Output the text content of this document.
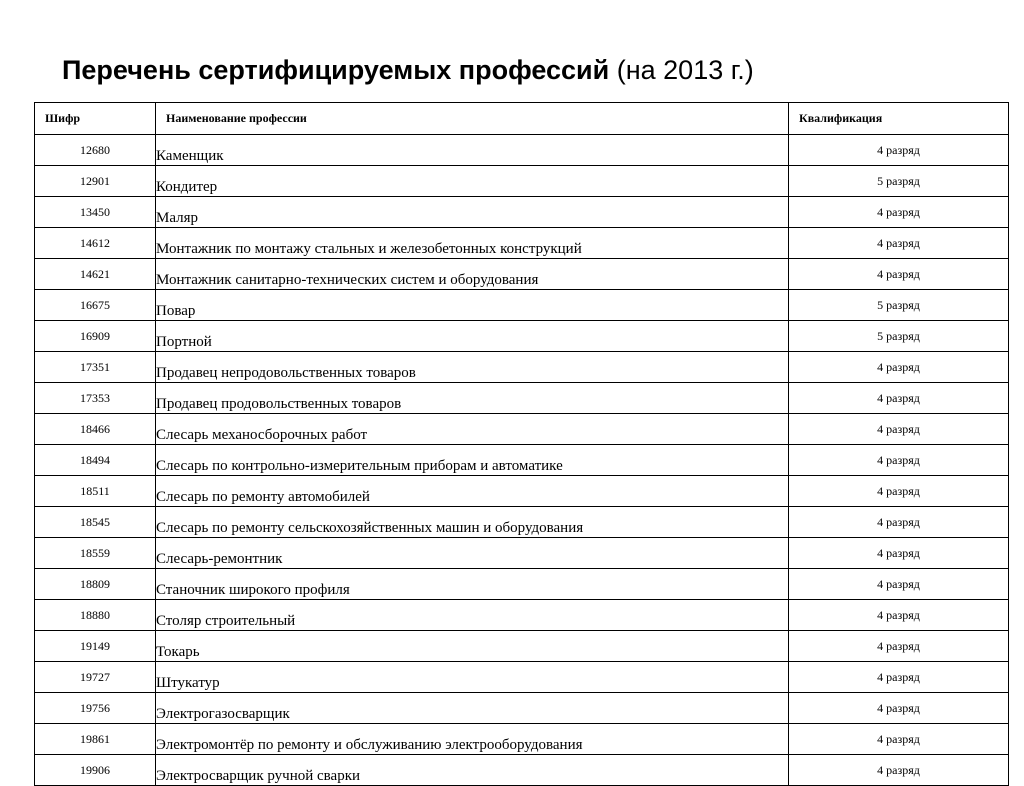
Перечень сертифицируемых профессий (на 2013 г.)
Шифр	Наименование профессии	Квалификация
12680	Каменщик	4 разряд
12901	Кондитер	5 разряд
13450	Маляр	4 разряд
14612	Монтажник по монтажу стальных и железобетонных конструкций	4 разряд
14621	Монтажник санитарно-технических систем и оборудования	4 разряд
16675	Повар	5 разряд
16909	Портной	5 разряд
17351	Продавец непродовольственных товаров	4 разряд
17353	Продавец продовольственных товаров	4 разряд
18466	Слесарь механосборочных работ	4 разряд
18494	Слесарь по контрольно-измерительным приборам и автоматике	4 разряд
18511	Слесарь по ремонту автомобилей	4 разряд
18545	Слесарь по ремонту сельскохозяйственных машин и оборудования	4 разряд
18559	Слесарь-ремонтник	4 разряд
18809	Станочник широкого профиля	4 разряд
18880	Столяр строительный	4 разряд
19149	Токарь	4 разряд
19727	Штукатур	4 разряд
19756	Электрогазосварщик	4 разряд
19861	Электромонтёр по ремонту и обслуживанию электрооборудования	4 разряд
19906	Электросварщик ручной сварки	4 разряд
